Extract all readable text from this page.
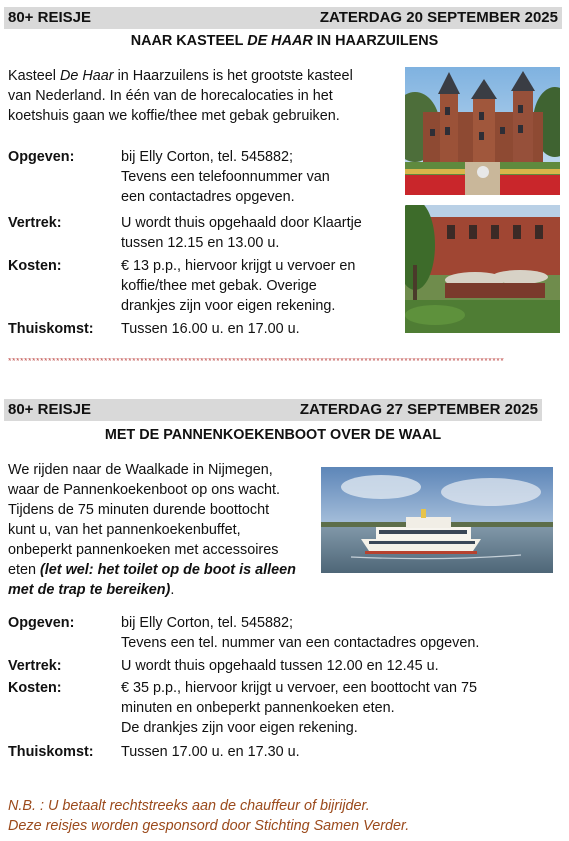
80+ REISJE	ZATERDAG 20 SEPTEMBER 2025
NAAR KASTEEL DE HAAR IN HAARZUILENS
Kasteel De Haar in Haarzuilens is het grootste kasteel
van Nederland. In één van de horecalocaties in het
koetshuis gaan we koffie/thee met gebak gebruiken.
Opgeven:	bij Elly Corton, tel. 545882;
Tevens een telefoonnummer van
een contactadres opgeven.
Vertrek:	U wordt thuis opgehaald door Klaartje
tussen 12.15 en 13.00 u.
Kosten:	€ 13 p.p., hiervoor krijgt u vervoer en
koffie/thee met gebak. Overige
drankjes zijn voor eigen rekening.
Thuiskomst: Tussen 16.00 u. en 17.00 u.
****************************************************************************************************************************
80+ REISJE	ZATERDAG 27 SEPTEMBER 2025
MET DE PANNENKOEKENBOOT OVER DE WAAL
We rijden naar de Waalkade in Nijmegen,
waar de Pannenkoekenboot op ons wacht.
Tijdens de 75 minuten durende boottocht
kunt u, van het pannenkoekenbuffet,
onbeperkt pannenkoeken met accessoires
eten (let wel: het toilet op de boot is alleen
met de trap te bereiken).
Opgeven:	bij Elly Corton, tel. 545882;
Tevens een tel. nummer van een contactadres opgeven.
Vertrek:	U wordt thuis opgehaald tussen 12.00 en 12.45 u.
Kosten:	€ 35 p.p., hiervoor krijgt u vervoer, een boottocht van 75
minuten en onbeperkt pannenkoeken eten.
De drankjes zijn voor eigen rekening.
Thuiskomst: Tussen 17.00 u. en 17.30 u.
N.B. : U betaalt rechtstreeks aan de chauffeur of bijrijder.
Deze reisjes worden gesponsord door Stichting Samen Verder.
